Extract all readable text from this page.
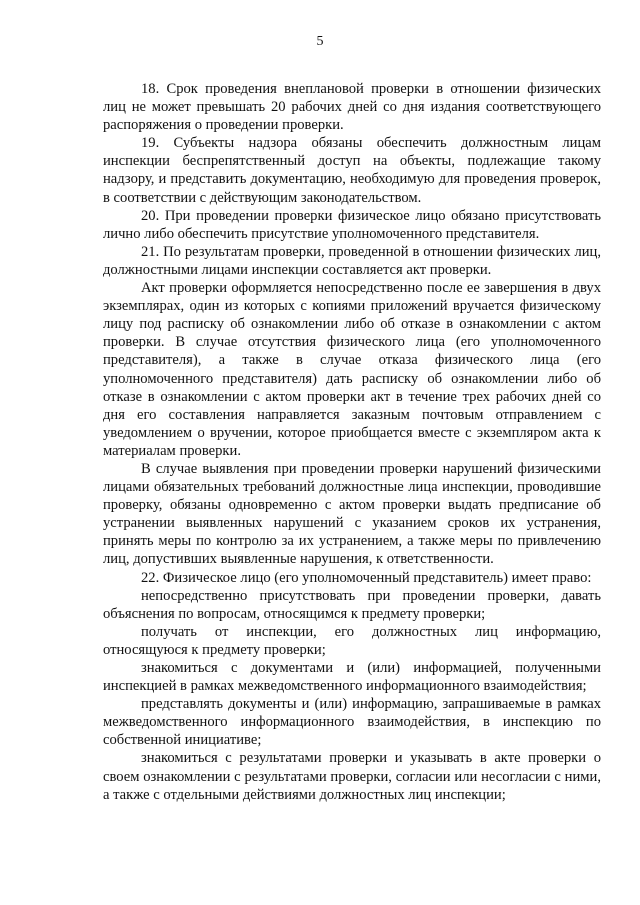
5

18. Срок проведения внеплановой проверки в отношении физических лиц не может превышать 20 рабочих дней со дня издания соответствующего распоряжения о проведении проверки.

19. Субъекты надзора обязаны обеспечить должностным лицам инспекции беспрепятственный доступ на объекты, подлежащие такому надзору, и представить документацию, необходимую для проведения проверок, в соответствии с действующим законодательством.

20. При проведении проверки физическое лицо обязано присутствовать лично либо обеспечить присутствие уполномоченного представителя.

21. По результатам проверки, проведенной в отношении физических лиц, должностными лицами инспекции составляется акт проверки.

Акт проверки оформляется непосредственно после ее завершения в двух экземплярах, один из которых с копиями приложений вручается физическому лицу под расписку об ознакомлении либо об отказе в ознакомлении с актом проверки. В случае отсутствия физического лица (его уполномоченного представителя), а также в случае отказа физического лица (его уполномоченного представителя) дать расписку об ознакомлении либо об отказе в ознакомлении с актом проверки акт в течение трех рабочих дней со дня его составления направляется заказным почтовым отправлением с уведомлением о вручении, которое приобщается вместе с экземпляром акта к материалам проверки.

В случае выявления при проведении проверки нарушений физическими лицами обязательных требований должностные лица инспекции, проводившие проверку, обязаны одновременно с актом проверки выдать предписание об устранении выявленных нарушений с указанием сроков их устранения, принять меры по контролю за их устранением, а также меры по привлечению лиц, допустивших выявленные нарушения, к ответственности.

22. Физическое лицо (его уполномоченный представитель) имеет право:

непосредственно присутствовать при проведении проверки, давать объяснения по вопросам, относящимся к предмету проверки;

получать от инспекции, его должностных лиц информацию, относящуюся к предмету проверки;

знакомиться с документами и (или) информацией, полученными инспекцией в рамках межведомственного информационного взаимодействия;

представлять документы и (или) информацию, запрашиваемые в рамках межведомственного информационного взаимодействия, в инспекцию по собственной инициативе;

знакомиться с результатами проверки и указывать в акте проверки о своем ознакомлении с результатами проверки, согласии или несогласии с ними, а также с отдельными действиями должностных лиц инспекции;
